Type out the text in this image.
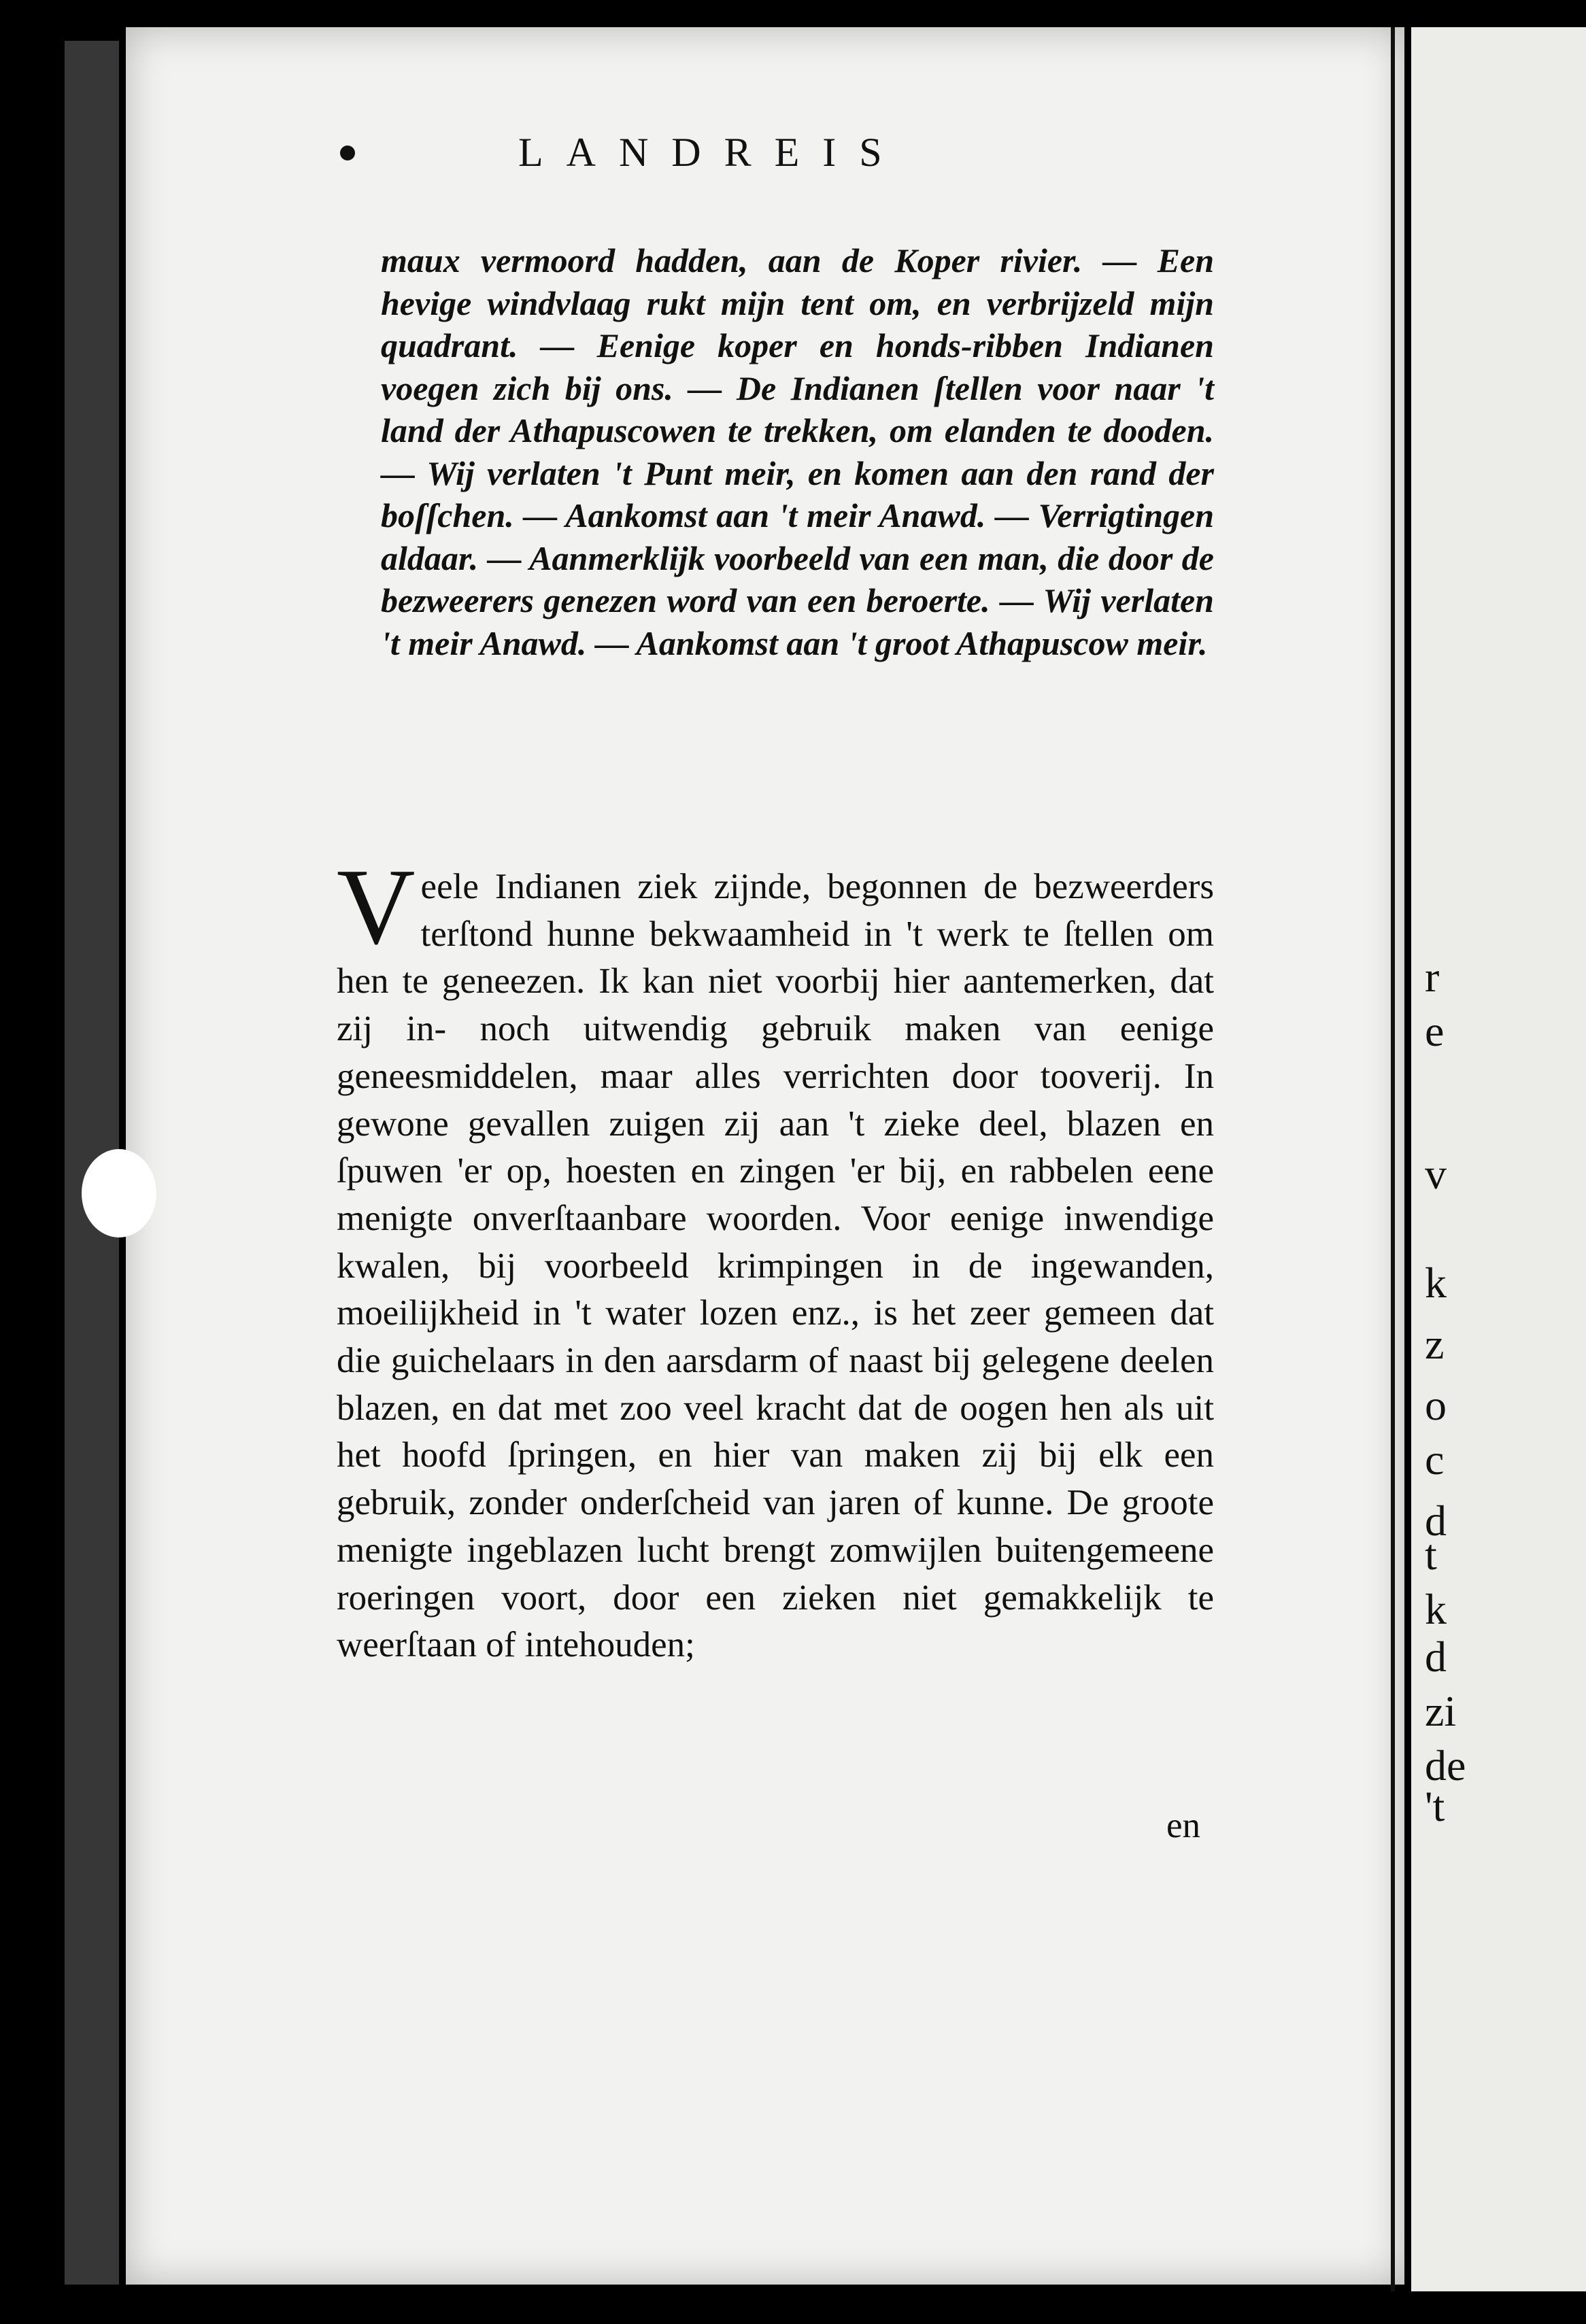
r
e
v
k
z
o
c
d
t
k
d
zi
de
't
LANDREIS
maux vermoord hadden, aan de Koper rivier. — Een hevige windvlaag rukt mijn tent om, en verbrijzeld mijn quadrant. — Eenige koper en honds-ribben Indianen voegen zich bij ons. — De Indianen ſtellen voor naar 't land der Athapuscowen te trekken, om elanden te dooden. — Wij verlaten 't Punt meir, en komen aan den rand der boſſchen. — Aankomst aan 't meir Anawd. — Verrigtingen aldaar. — Aanmerklijk voorbeeld van een man, die door de bezweerers genezen word van een beroerte. — Wij verlaten 't meir Anawd. — Aankomst aan 't groot Athapuscow meir.
V eele Indianen ziek zijnde, begonnen de bezweerders terſtond hunne bekwaamheid in 't werk te ſtellen om hen te geneezen. Ik kan niet voorbij hier aantemerken, dat zij in- noch uitwendig gebruik maken van eenige geneesmiddelen, maar alles verrichten door tooverij. In gewone gevallen zuigen zij aan 't zieke deel, blazen en ſpuwen 'er op, hoesten en zingen 'er bij, en rabbelen eene menigte onverſtaanbare woorden. Voor eenige inwendige kwalen, bij voorbeeld krimpingen in de ingewanden, moeilijkheid in 't water lozen enz., is het zeer gemeen dat die guichelaars in den aarsdarm of naast bij gelegene deelen blazen, en dat met zoo veel kracht dat de oogen hen als uit het hoofd ſpringen, en hier van maken zij bij elk een gebruik, zonder onderſcheid van jaren of kunne. De groote menigte ingeblazen lucht brengt zomwijlen buitengemeene roeringen voort, door een zieken niet gemakkelijk te weerſtaan of intehouden;
en
